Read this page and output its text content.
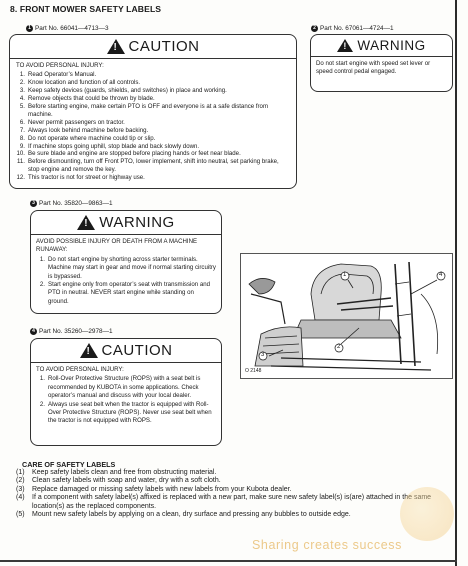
8. FRONT MOWER SAFETY LABELS
1 Part No. 66041—4713—3
! CAUTION
TO AVOID PERSONAL INJURY:
1. Read Operator’s Manual.
2. Know location and function of all controls.
3. Keep safety devices (guards, shields, and switches) in place and working.
4. Remove objects that could be thrown by blade.
5. Before starting engine, make certain PTO is OFF and everyone is at a safe distance from machine.
6. Never permit passengers on tractor.
7. Always look behind machine before backing.
8. Do not operate where machine could tip or slip.
9. If machine stops going uphill, stop blade and back slowly down.
10. Be sure blade and engine are stopped before placing hands or feet near blade.
11. Before dismounting, turn off Front PTO, lower implement, shift into neutral, set parking brake, stop engine and remove the key.
12. This tractor is not for street or highway use.
2 Part No. 67061—4724—1
! WARNING
Do not start engine with speed set lever or speed control pedal engaged.
3 Part No. 35820—9863—1
! WARNING
AVOID POSSIBLE INJURY OR DEATH FROM A MACHINE RUNAWAY:
1. Do not start engine by shorting across starter terminals. Machine may start in gear and move if normal starting circuitry is bypassed.
2. Start engine only from operator’s seat with transmission and PTO in neutral. NEVER start engine while standing on ground.
4 Part No. 35260—2978—1
! CAUTION
TO AVOID PERSONAL INJURY:
1. Roll-Over Protective Structure (ROPS) with a seat belt is recommended by KUBOTA in some applications. Check operator’s manual and discuss with your local dealer.
2. Always use seat belt when the tractor is equipped with Roll-Over Protective Structure (ROPS). Never use seat belt when the tractor is not equipped with ROPS.
1	4
3
2
O 2148
CARE OF SAFETY LABELS
(1)	Keep safety labels clean and free from obstructing material.
(2)	Clean safety labels with soap and water, dry with a soft cloth.
(3)	Replace damaged or missing safety labels with new labels from your Kubota dealer.
(4)	If a component with safety label(s) affixed is replaced with a new part, make sure new safety label(s) is(are) attached in the same location(s) as the replaced components.
(5)	Mount new safety labels by applying on a clean, dry surface and pressing any bubbles to outside edge.
Sharing creates success
